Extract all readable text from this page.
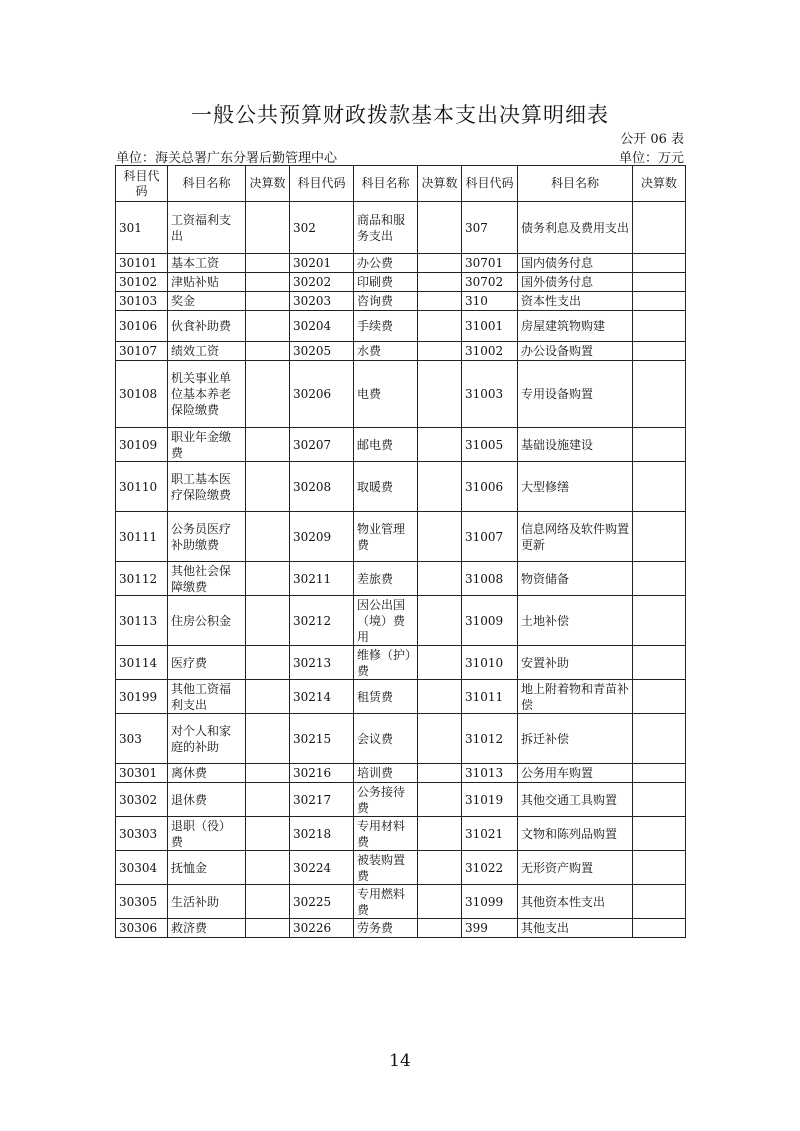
一般公共预算财政拨款基本支出决算明细表
公开 06 表
单位：海关总署广东分署后勤管理中心	单位：万元
科目代码	科目名称	决算数	科目代码	科目名称	决算数	科目代码	科目名称	决算数
301	工资福利支出		302	商品和服务支出		307	债务利息及费用支出	
30101	基本工资		30201	办公费		30701	国内债务付息	
30102	津贴补贴		30202	印刷费		30702	国外债务付息	
30103	奖金		30203	咨询费		310	资本性支出	
30106	伙食补助费		30204	手续费		31001	房屋建筑物购建	
30107	绩效工资		30205	水费		31002	办公设备购置	
30108	机关事业单位基本养老保险缴费		30206	电费		31003	专用设备购置	
30109	职业年金缴费		30207	邮电费		31005	基础设施建设	
30110	职工基本医疗保险缴费		30208	取暖费		31006	大型修缮	
30111	公务员医疗补助缴费		30209	物业管理费		31007	信息网络及软件购置更新	
30112	其他社会保障缴费		30211	差旅费		31008	物资储备	
30113	住房公积金		30212	因公出国（境）费用		31009	土地补偿	
30114	医疗费		30213	维修（护）费		31010	安置补助	
30199	其他工资福利支出		30214	租赁费		31011	地上附着物和青苗补偿	
303	对个人和家庭的补助		30215	会议费		31012	拆迁补偿	
30301	离休费		30216	培训费		31013	公务用车购置	
30302	退休费		30217	公务接待费		31019	其他交通工具购置	
30303	退职（役）费		30218	专用材料费		31021	文物和陈列品购置	
30304	抚恤金		30224	被装购置费		31022	无形资产购置	
30305	生活补助		30225	专用燃料费		31099	其他资本性支出	
30306	救济费		30226	劳务费		399	其他支出	
14
